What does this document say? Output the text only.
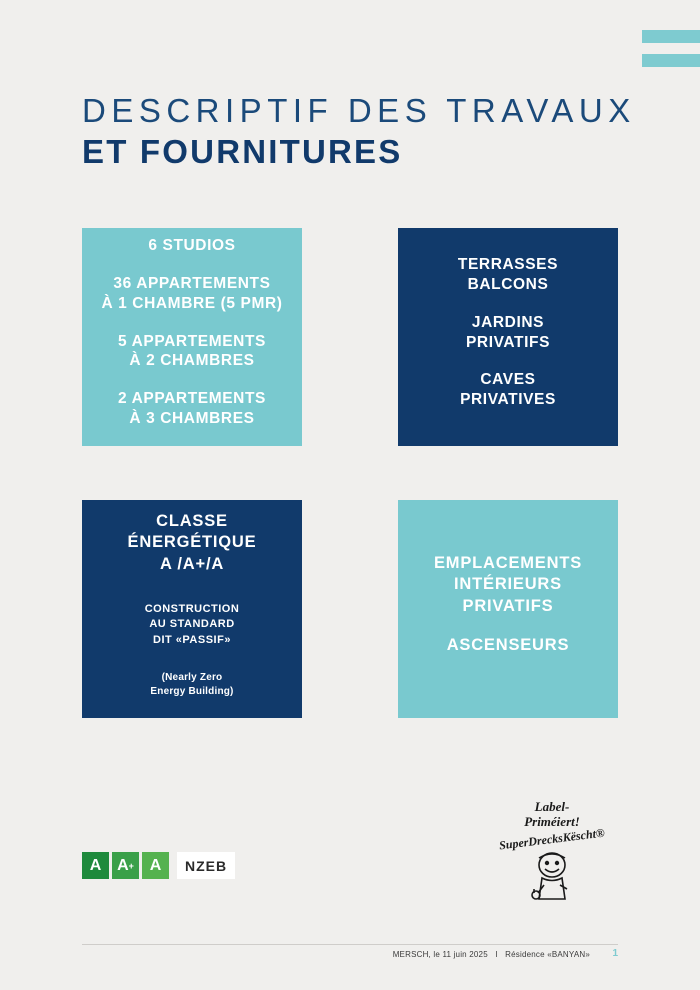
DESCRIPTIF DES TRAVAUX
ET FOURNITURES
6 STUDIOS
36 APPARTEMENTS
À 1 CHAMBRE (5 PMR)
5 APPARTEMENTS
À 2 CHAMBRES
2 APPARTEMENTS
À 3 CHAMBRES
TERRASSES
BALCONS
JARDINS
PRIVATIFS
CAVES
PRIVATIVES
CLASSE
ÉNERGÉTIQUE
A /A+/A
CONSTRUCTION
AU STANDARD
DIT «PASSIF»
(Nearly Zero
Energy Building)
EMPLACEMENTS
INTÉRIEURS
PRIVATIFS
ASCENSEURS
A A + A	NZEB
Label-
Priméiert!
SuperDrecksKëscht®
MERSCH, le 11 juin 2025 I Résidence «BANYAN» 1
